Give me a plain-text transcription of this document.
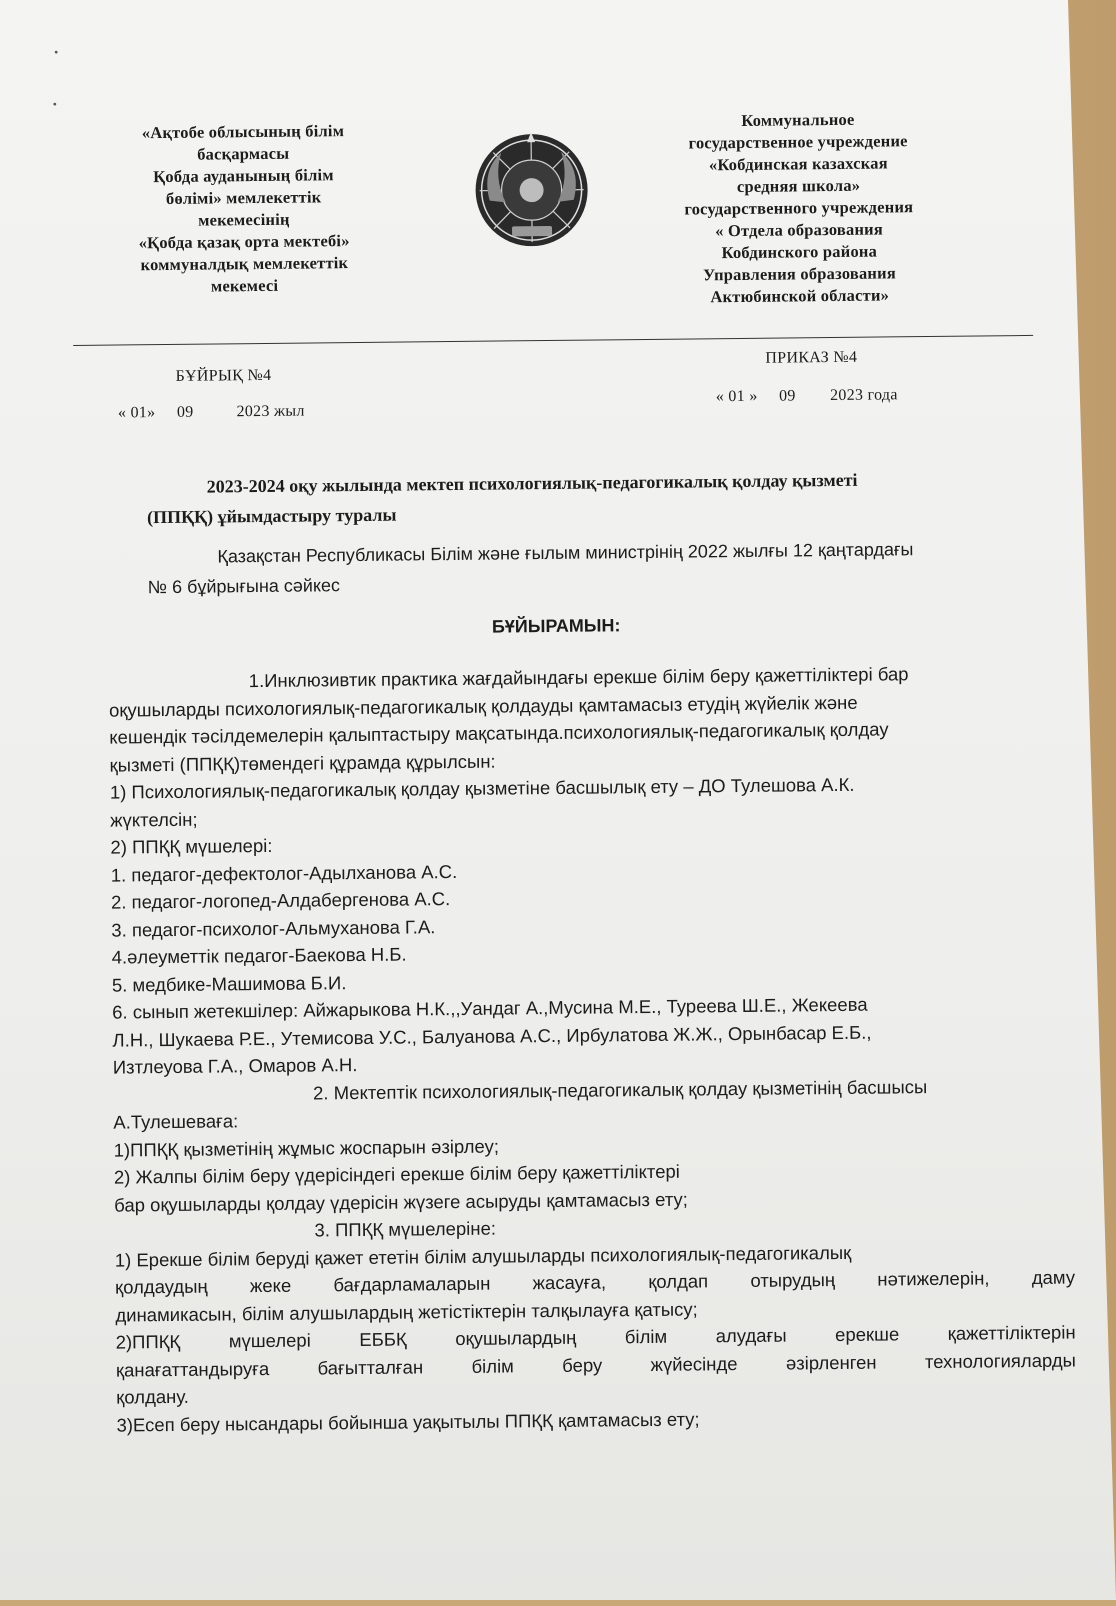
•
•
«Ақтобе облысының білім
басқармасы
Қобда ауданының білім
бөлімі» мемлекеттік
мекемесінің
«Қобда қазақ орта мектебі»
коммуналдық мемлекеттік
мекемесі
Коммунальное
государственное учреждение
«Кобдинская казахская
средняя школа»
государственного учреждения
« Отдела образования
Кобдинского района
Управления образования
Актюбинской области»
БҰЙРЫҚ №4
« 01»     09          2023 жыл
ПРИКАЗ №4
« 01 »     09        2023 года
2023-2024 оқу жылында мектеп психологиялық-педагогикалық қолдау қызметі
(ППҚҚ) ұйымдастыру туралы
Қазақстан Республикасы Білім және ғылым министрінің 2022 жылғы 12 қаңтардағы
№ 6 бұйрығына сәйкес
БҰЙЫРАМЫН:
1.Инклюзивтик практика жағдайындағы ерекше білім беру қажеттіліктері бар
оқушыларды психологиялық-педагогикалық қолдауды қамтамасыз етудің жүйелік және
кешендік тәсілдемелерін қалыптастыру мақсатында.психологиялық-педагогикалық қолдау
қызметі (ППҚҚ)төмендегі құрамда құрылсын:
1) Психологиялық-педагогикалық қолдау қызметіне басшылық ету – ДО Тулешова А.К.
жүктелсін;
2) ППҚҚ мүшелері:
1. педагог-дефектолог-Адылханова А.С.
2. педагог-логопед-Алдабергенова А.С.
3. педагог-психолог-Альмуханова Г.А.
4.әлеуметтік педагог-Баекова Н.Б.
5. медбике-Машимова Б.И.
6. сынып жетекшілер: Айжарыкова Н.К.,,Уандаг А.,Мусина М.Е., Туреева Ш.Е., Жекеева
Л.Н., Шукаева Р.Е., Утемисова У.С., Балуанова А.С., Ирбулатова Ж.Ж., Орынбасар Е.Б.,
Изтлеуова Г.А., Омаров А.Н.
2. Мектептік психологиялық-педагогикалық қолдау қызметінің басшысы
А.Тулешеваға:
1)ППҚҚ қызметінің жұмыс жоспарын әзірлеу;
2) Жалпы білім беру үдерісіндегі ерекше білім беру қажеттіліктері
бар оқушыларды қолдау үдерісін жүзеге асыруды қамтамасыз ету;
3. ППҚҚ мүшелеріне:
1) Ерекше білім беруді қажет ететін білім алушыларды психологиялық-педагогикалық
қолдаудың жеке бағдарламаларын жасауға, қолдап отырудың нәтижелерін, даму
динамикасын, білім алушылардың жетістіктерін талқылауға қатысу;
2)ППҚҚ мүшелері ЕББҚ оқушылардың білім алудағы ерекше қажеттіліктерін
қанағаттандыруға бағытталған білім беру жүйесінде әзірленген технологияларды
қолдану.
3)Есеп беру нысандары бойынша уақытылы ППҚҚ қамтамасыз ету;
